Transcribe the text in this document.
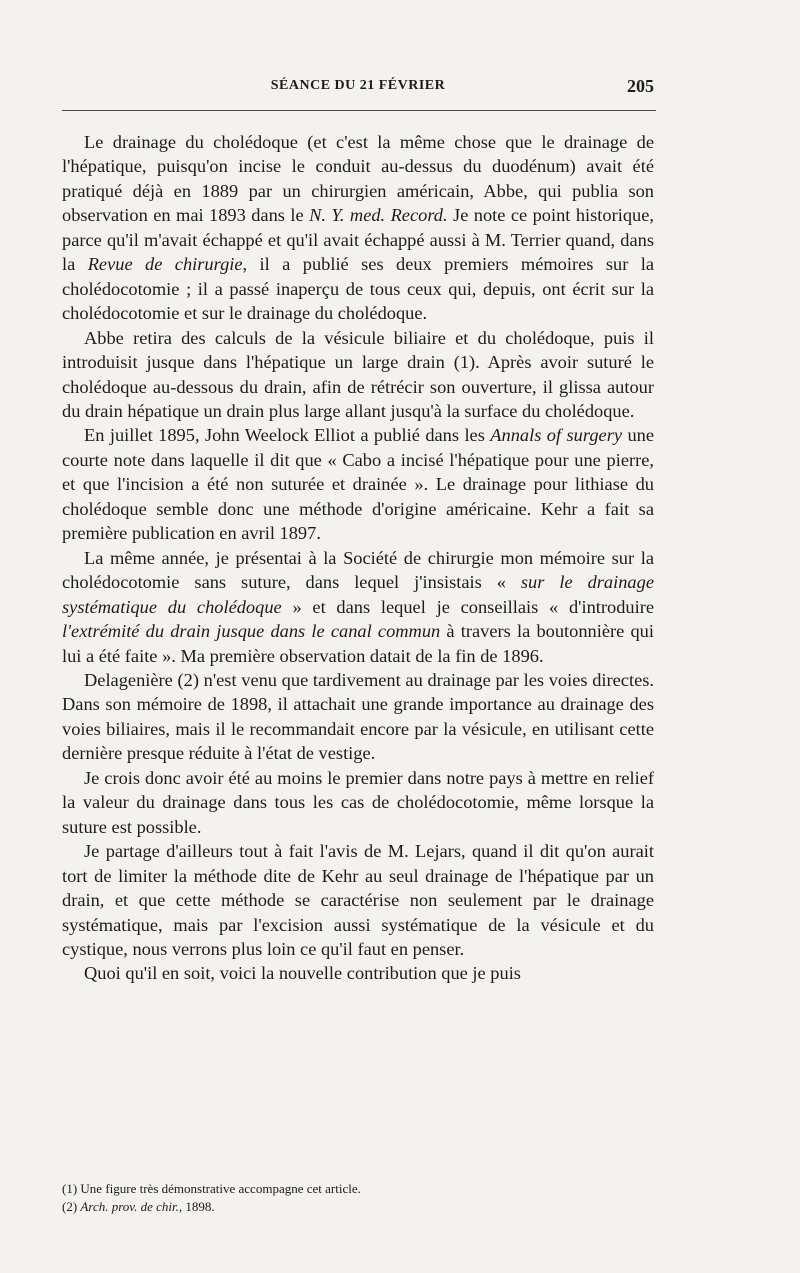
SÉANCE DU 21 FÉVRIER	205

Le drainage du cholédoque (et c'est la même chose que le drainage de l'hépatique, puisqu'on incise le conduit au-dessus du duodénum) avait été pratiqué déjà en 1889 par un chirurgien américain, Abbe, qui publia son observation en mai 1893 dans le N. Y. med. Record. Je note ce point historique, parce qu'il m'avait échappé et qu'il avait échappé aussi à M. Terrier quand, dans la Revue de chirurgie, il a publié ses deux premiers mémoires sur la cholédocotomie ; il a passé inaperçu de tous ceux qui, depuis, ont écrit sur la cholédocotomie et sur le drainage du cholédoque.

Abbe retira des calculs de la vésicule biliaire et du cholédoque, puis il introduisit jusque dans l'hépatique un large drain (1). Après avoir suturé le cholédoque au-dessous du drain, afin de rétrécir son ouverture, il glissa autour du drain hépatique un drain plus large allant jusqu'à la surface du cholédoque.

En juillet 1895, John Weelock Elliot a publié dans les Annals of surgery une courte note dans laquelle il dit que « Cabo a incisé l'hépatique pour une pierre, et que l'incision a été non suturée et drainée ». Le drainage pour lithiase du cholédoque semble donc une méthode d'origine américaine. Kehr a fait sa première publication en avril 1897.

La même année, je présentai à la Société de chirurgie mon mémoire sur la cholédocotomie sans suture, dans lequel j'insistais « sur le drainage systématique du cholédoque » et dans lequel je conseillais « d'introduire l'extrémité du drain jusque dans le canal commun à travers la boutonnière qui lui a été faite ». Ma première observation datait de la fin de 1896.

Delagenière (2) n'est venu que tardivement au drainage par les voies directes. Dans son mémoire de 1898, il attachait une grande importance au drainage des voies biliaires, mais il le recommandait encore par la vésicule, en utilisant cette dernière presque réduite à l'état de vestige.

Je crois donc avoir été au moins le premier dans notre pays à mettre en relief la valeur du drainage dans tous les cas de cholédocotomie, même lorsque la suture est possible.

Je partage d'ailleurs tout à fait l'avis de M. Lejars, quand il dit qu'on aurait tort de limiter la méthode dite de Kehr au seul drainage de l'hépatique par un drain, et que cette méthode se caractérise non seulement par le drainage systématique, mais par l'excision aussi systématique de la vésicule et du cystique, nous verrons plus loin ce qu'il faut en penser.

Quoi qu'il en soit, voici la nouvelle contribution que je puis

(1) Une figure très démonstrative accompagne cet article.

(2) Arch. prov. de chir., 1898.
